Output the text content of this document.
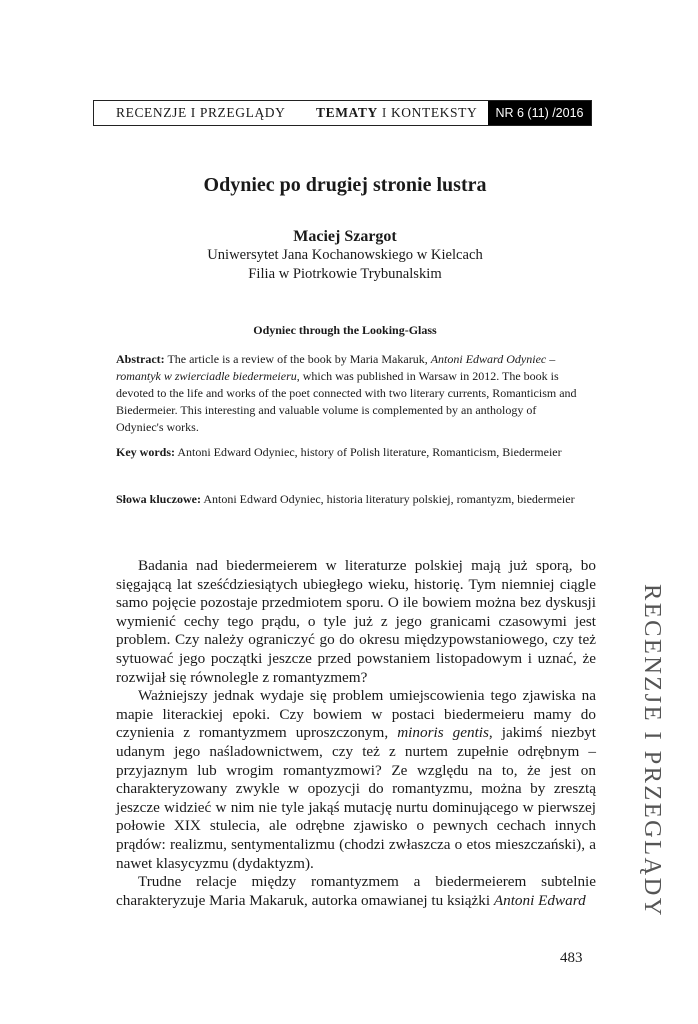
RECENZJE I PRZEGLĄDY TEMATY I KONTEKSTY	NR 6 (11) /2016
Odyniec po drugiej stronie lustra
Maciej Szargot
Uniwersytet Jana Kochanowskiego w Kielcach
Filia w Piotrkowie Trybunalskim
Odyniec through the Looking-Glass
Abstract: The article is a review of the book by Maria Makaruk, Antoni Edward Odyniec – romantyk w zwierciadle biedermeieru, which was published in Warsaw in 2012. The book is devoted to the life and works of the poet connected with two literary currents, Romanticism and Biedermeier. This interesting and valuable volume is complemented by an anthology of Odyniec's works.
Key words: Antoni Edward Odyniec, history of Polish literature, Romanticism, Biedermeier
Słowa kluczowe: Antoni Edward Odyniec, historia literatury polskiej, romantyzm, biedermeier

Badania nad biedermeierem w literaturze polskiej mają już sporą, bo sięgającą lat sześćdziesiątych ubiegłego wieku, historię. Tym niemniej ciągle samo pojęcie pozostaje przedmiotem sporu. O ile bowiem można bez dyskusji wymienić cechy tego prądu, o tyle już z jego granicami czasowymi jest problem. Czy należy ograniczyć go do okresu międzypowstaniowego, czy też sytuować jego początki jeszcze przed powstaniem listopadowym i uznać, że rozwijał się równolegle z romantyzmem?

Ważniejszy jednak wydaje się problem umiejscowienia tego zjawiska na mapie literackiej epoki. Czy bowiem w postaci biedermeieru mamy do czynienia z romantyzmem uproszczonym, minoris gentis, jakimś niezbyt udanym jego naśladownictwem, czy też z nurtem zupełnie odrębnym – przyjaznym lub wrogim romantyzmowi? Ze względu na to, że jest on charakteryzowany zwykle w opozycji do romantyzmu, można by zresztą jeszcze widzieć w nim nie tyle jakąś mutację nurtu dominującego w pierwszej połowie XIX stulecia, ale odrębne zjawisko o pewnych cechach innych prądów: realizmu, sentymentalizmu (chodzi zwłaszcza o etos mieszczański), a nawet klasycyzmu (dydaktyzm).

Trudne relacje między romantyzmem a biedermeierem subtelnie charakteryzuje Maria Makaruk, autorka omawianej tu książki Antoni Edward	RECENZJE I PRZEGLĄDY
483
